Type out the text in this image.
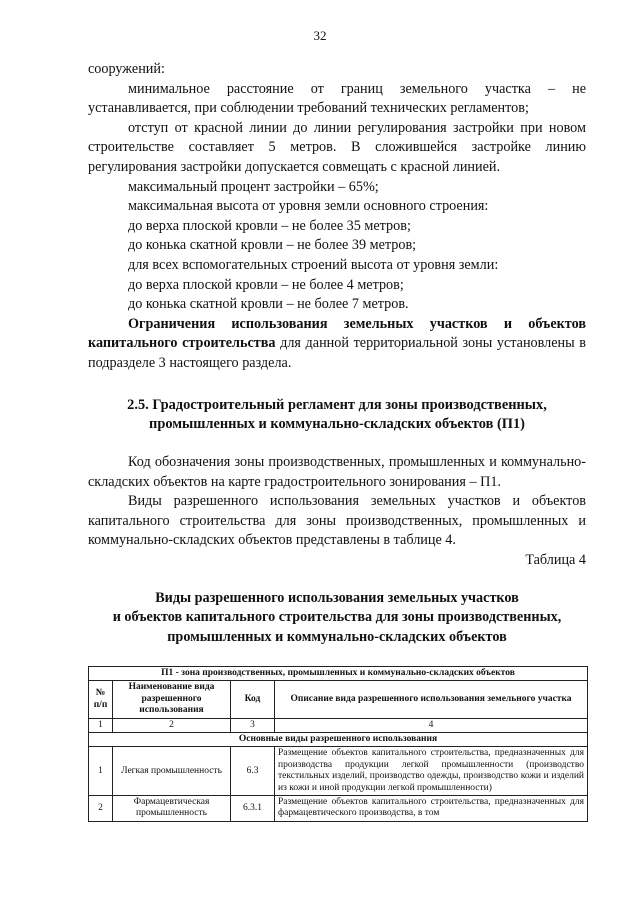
32

сооружений:

минимальное расстояние от границ земельного участка – не устанавливается, при соблюдении требований технических регламентов;

отступ от красной линии до линии регулирования застройки при новом строительстве составляет 5 метров. В сложившейся застройке линию регулирования застройки допускается совмещать с красной линией.

максимальный процент застройки – 65%;

максимальная высота от уровня земли основного строения:

до верха плоской кровли – не более 35 метров;

до конька скатной кровли – не более 39 метров;

для всех вспомогательных строений высота от уровня земли:

до верха плоской кровли – не более 4 метров;

до конька скатной кровли – не более 7 метров.

Ограничения использования земельных участков и объектов капитального строительства для данной территориальной зоны установлены в подразделе 3 настоящего раздела.

2.5. Градостроительный регламент для зоны производственных,
промышленных и коммунально-складских объектов (П1)

Код обозначения зоны производственных, промышленных и коммунально-складских объектов на карте градостроительного зонирования – П1.

Виды разрешенного использования земельных участков и объектов капитального строительства для зоны производственных, промышленных и коммунально-складских объектов представлены в таблице 4.

Таблица 4

Виды разрешенного использования земельных участков
и объектов капитального строительства для зоны производственных,
промышленных и коммунально-складских объектов
П1 - зона производственных, промышленных и коммунально-складских объектов			
№ п/п	Наименование вида разрешенного использования	Код	Описание вида разрешенного использования земельного участка
1	2	3	4
Основные виды разрешенного использования			
1	Легкая промышленность	6.3	Размещение объектов капитального строительства, предназначенных для производства продукции легкой промышленности (производство текстильных изделий, производство одежды, производство кожи и изделий из кожи и иной продукции легкой промышленности)
2	Фармацевтическая промышленность	6.3.1	Размещение объектов капитального строительства, предназначенных для фармацевтического производства, в том
